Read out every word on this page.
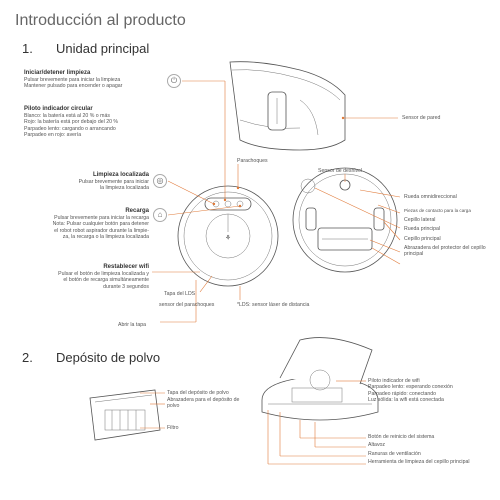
Introducción al producto
1. Unidad principal
Iniciar/detener limpieza
Pulsar brevemente para iniciar la limpieza
Mantener pulsado para encender o apagar
⏻
Piloto indicador circular
Blanco: la batería está al 20 % o más
Rojo: la batería está por debajo del 20 %
Parpadeo lento: cargando o arrancando
Parpadeo en rojo: avería
Limpieza localizada
Pulsar brevemente para iniciar
la limpieza localizada
◎
Recarga
Pulsar brevemente para iniciar la recarga
Nota: Pulsar cualquier botón para detener
el robot robot aspirador durante la limpie-
za, la recarga o la limpieza localizada
⌂
Restablecer wifi
Pulsar el botón de limpieza localizada y
el botón de recarga simultáneamente
durante 3 segundos
⚘
Sensor de pared
Parachoques
Sensor de desnivel
Tapa del LDS
sensor del parachoques	*LDS: sensor láser de distancia
Abrir la tapa
Rueda omnidireccional
Piezas de contacto para la carga
Cepillo lateral
Rueda principal
Cepillo principal
Abrazadera del protector del cepillo principal
2. Depósito de polvo
Tapa del depósito de polvo
Abrazadera para el depósito de polvo
Filtro
Piloto indicador de wifi
Parpadeo lento: esperando conexión
Parpadeo rápido: conectando
Luz sólida: la wifi está conectada
Botón de reinicio del sistema
Altavoz
Ranuras de ventilación
Herramienta de limpieza del cepillo principal
